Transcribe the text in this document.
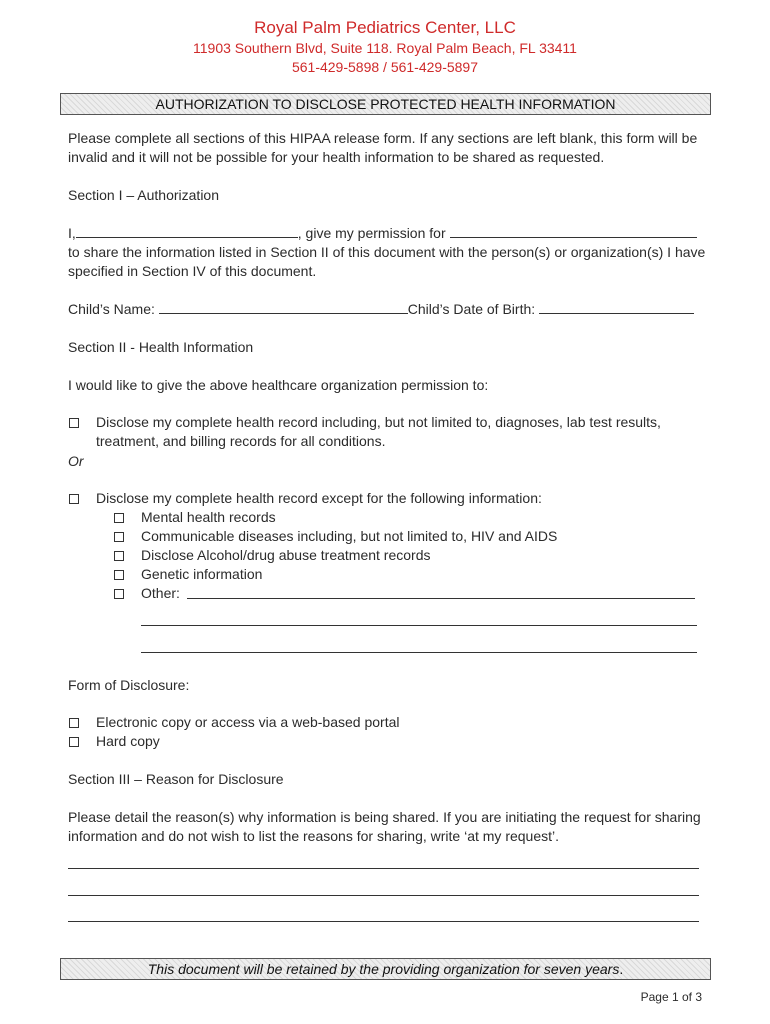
Royal Palm Pediatrics Center, LLC
11903 Southern Blvd, Suite 118. Royal Palm Beach, FL 33411
561-429-5898 / 561-429-5897
AUTHORIZATION TO DISCLOSE PROTECTED HEALTH INFORMATION
Please complete all sections of this HIPAA release form. If any sections are left blank, this form will be invalid and it will not be possible for your health information to be shared as requested.
Section I – Authorization
I,	, give my permission for
to share the information listed in Section II of this document with the person(s) or organization(s) I have specified in Section IV of this document.
Child’s Name:	Child’s Date of Birth:
Section II - Health Information
I would like to give the above healthcare organization permission to:
Disclose my complete health record including, but not limited to, diagnoses, lab test results, treatment, and billing records for all conditions.
Or
Disclose my complete health record except for the following information:
Mental health records
Communicable diseases including, but not limited to, HIV and AIDS
Disclose Alcohol/drug abuse treatment records
Genetic information
Other:
Form of Disclosure:
Electronic copy or access via a web-based portal
Hard copy
Section III – Reason for Disclosure
Please detail the reason(s) why information is being shared. If you are initiating the request for sharing information and do not wish to list the reasons for sharing, write ‘at my request’.
This document will be retained by the providing organization for seven years.
Page 1 of 3
